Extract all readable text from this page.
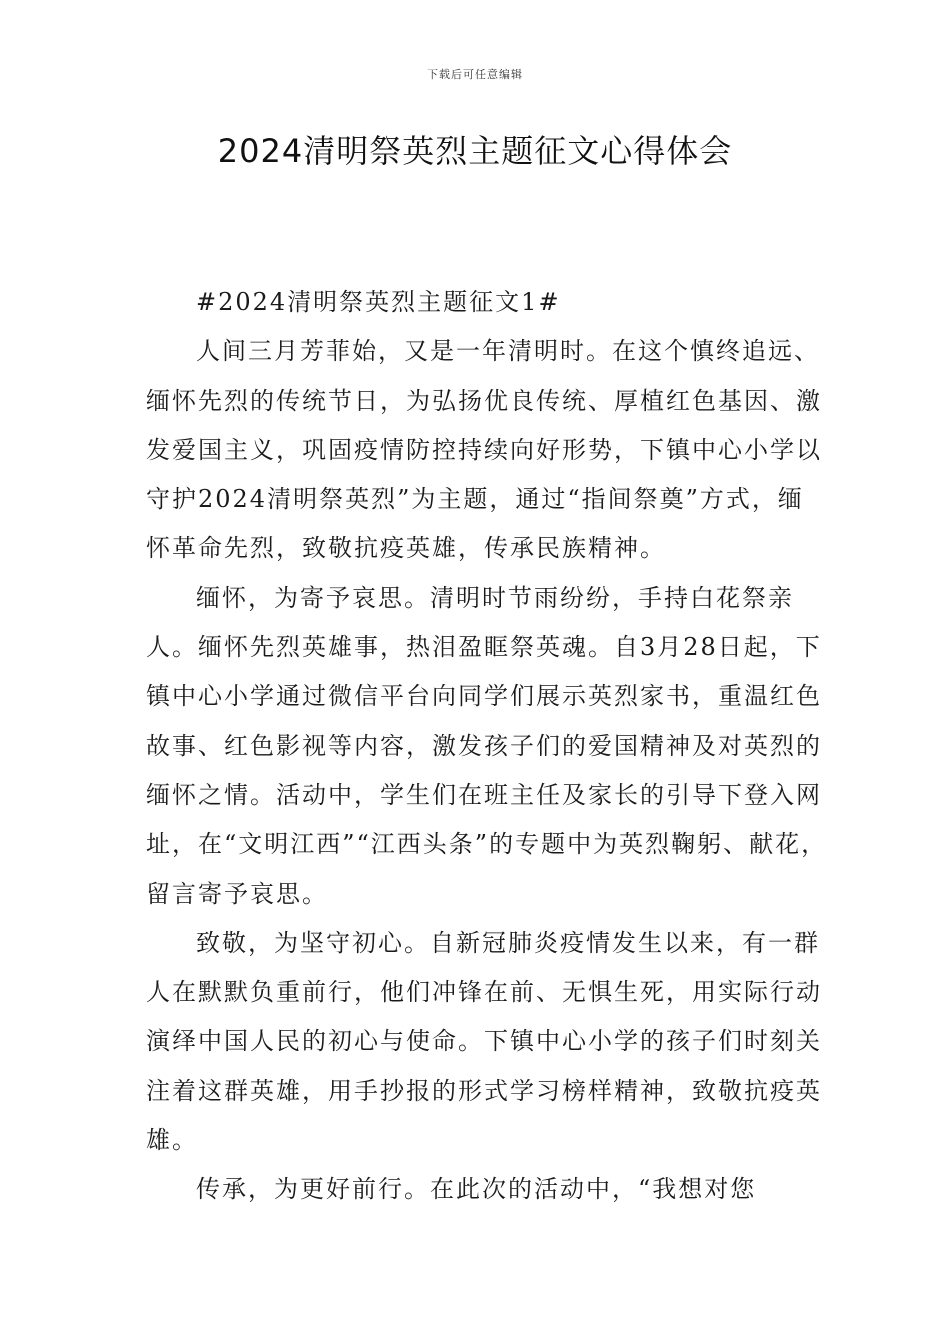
下载后可任意编辑
2024清明祭英烈主题征文心得体会

#2024清明祭英烈主题征文1#

人间三月芳菲始，又是一年清明时。在这个慎终追远、缅怀先烈的传统节日，为弘扬优良传统、厚植红色基因、激发爱国主义，巩固疫情防控持续向好形势，下镇中心小学以守护2024清明祭英烈”为主题，通过“指间祭奠”方式，缅怀革命先烈，致敬抗疫英雄，传承民族精神。

缅怀，为寄予哀思。清明时节雨纷纷，手持白花祭亲人。缅怀先烈英雄事，热泪盈眶祭英魂。自3月28日起，下镇中心小学通过微信平台向同学们展示英烈家书，重温红色故事、红色影视等内容，激发孩子们的爱国精神及对英烈的缅怀之情。活动中，学生们在班主任及家长的引导下登入网址，在“文明江西”“江西头条”的专题中为英烈鞠躬、献花，留言寄予哀思。

致敬，为坚守初心。自新冠肺炎疫情发生以来，有一群人在默默负重前行，他们冲锋在前、无惧生死，用实际行动演绎中国人民的初心与使命。下镇中心小学的孩子们时刻关注着这群英雄，用手抄报的形式学习榜样精神，致敬抗疫英雄。

传承，为更好前行。在此次的活动中，“我想对您
